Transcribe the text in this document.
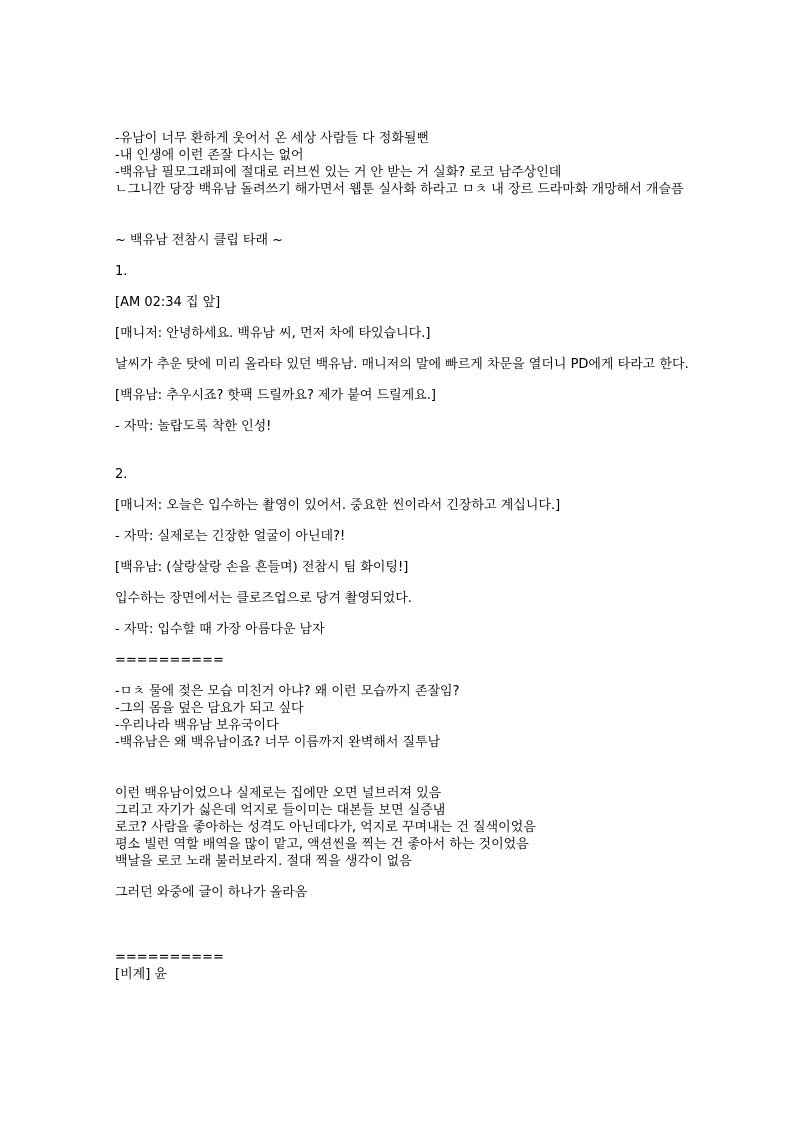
-유남이 너무 환하게 웃어서 온 세상 사람들 다 정화될뻔
-내 인생에 이런 존잘 다시는 없어
-백유남 필모그래피에 절대로 러브씬 있는 거 안 받는 거 실화? 로코 남주상인데
ㄴ그니깐 당장 백유남 돌려쓰기 해가면서 웹툰 실사화 하라고 ㅁㅊ 내 장르 드라마화 개망해서 개슬픔

~ 백유남 전참시 클립 타래 ~

1.

[AM 02:34 집 앞]

[매니저: 안녕하세요. 백유남 씨, 먼저 차에 타있습니다.]

날씨가 추운 탓에 미리 올라타 있던 백유남. 매니저의 말에 빠르게 차문을 열더니 PD에게 타라고 한다.

[백유남: 추우시죠? 핫팩 드릴까요? 제가 붙여 드릴게요.]

- 자막: 놀랍도록 착한 인성!

2.

[매니저: 오늘은 입수하는 촬영이 있어서. 중요한 씬이라서 긴장하고 계십니다.]

- 자막: 실제로는 긴장한 얼굴이 아닌데?!

[백유남: (살랑살랑 손을 흔들며) 전참시 팀 화이팅!]

입수하는 장면에서는 클로즈업으로 당겨 촬영되었다.

- 자막: 입수할 때 가장 아름다운 남자

==========

-ㅁㅊ 물에 젖은 모습 미친거 아냐? 왜 이런 모습까지 존잘임?
-그의 몸을 덮은 담요가 되고 싶다
-우리나라 백유남 보유국이다
-백유남은 왜 백유남이죠? 너무 이름까지 완벽해서 질투남
이런 백유남이었으나 실제로는 집에만 오면 널브러져 있음
그리고 자기가 싫은데 억지로 들이미는 대본들 보면 실증냄
로코? 사람을 좋아하는 성격도 아닌데다가, 억지로 꾸며내는 건 질색이었음
평소 빌런 역할 배역을 많이 맡고, 액션씬을 찍는 건 좋아서 하는 것이었음
백날을 로코 노래 불러보라지. 절대 찍을 생각이 없음

그러던 와중에 글이 하나가 올라옴

==========
[비계] 윤
